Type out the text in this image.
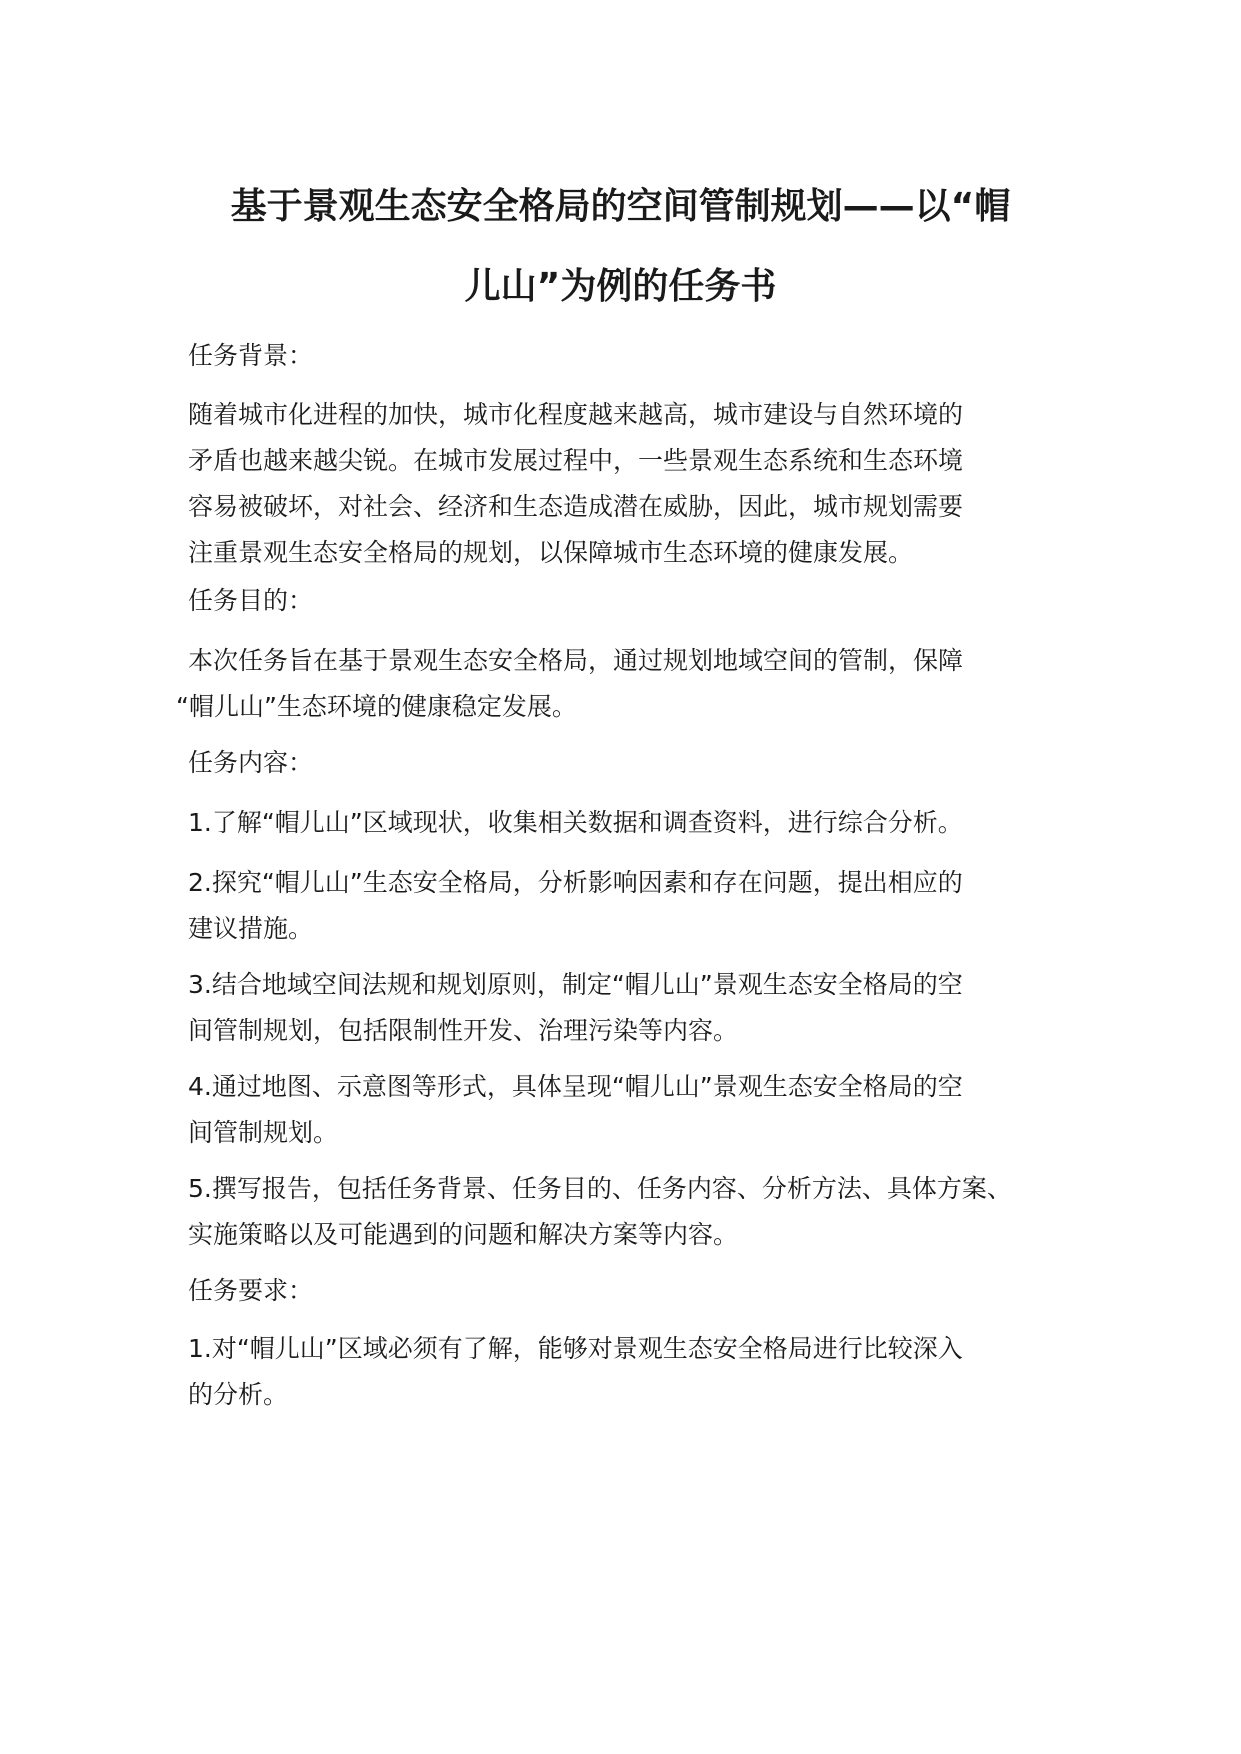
基于景观生态安全格局的空间管制规划——以“帽
儿山”为例的任务书

任务背景：

随着城市化进程的加快，城市化程度越来越高，城市建设与自然环境的
矛盾也越来越尖锐。在城市发展过程中，一些景观生态系统和生态环境
容易被破坏，对社会、经济和生态造成潜在威胁，因此，城市规划需要
注重景观生态安全格局的规划，以保障城市生态环境的健康发展。

任务目的：

本次任务旨在基于景观生态安全格局，通过规划地域空间的管制，保障
“帽儿山”生态环境的健康稳定发展。

任务内容：

1.了解“帽儿山”区域现状，收集相关数据和调查资料，进行综合分析。

2.探究“帽儿山”生态安全格局，分析影响因素和存在问题，提出相应的
建议措施。

3.结合地域空间法规和规划原则，制定“帽儿山”景观生态安全格局的空
间管制规划，包括限制性开发、治理污染等内容。

4.通过地图、示意图等形式，具体呈现“帽儿山”景观生态安全格局的空
间管制规划。

5.撰写报告，包括任务背景、任务目的、任务内容、分析方法、具体方案、
实施策略以及可能遇到的问题和解决方案等内容。

任务要求：

1.对“帽儿山”区域必须有了解，能够对景观生态安全格局进行比较深入
的分析。
